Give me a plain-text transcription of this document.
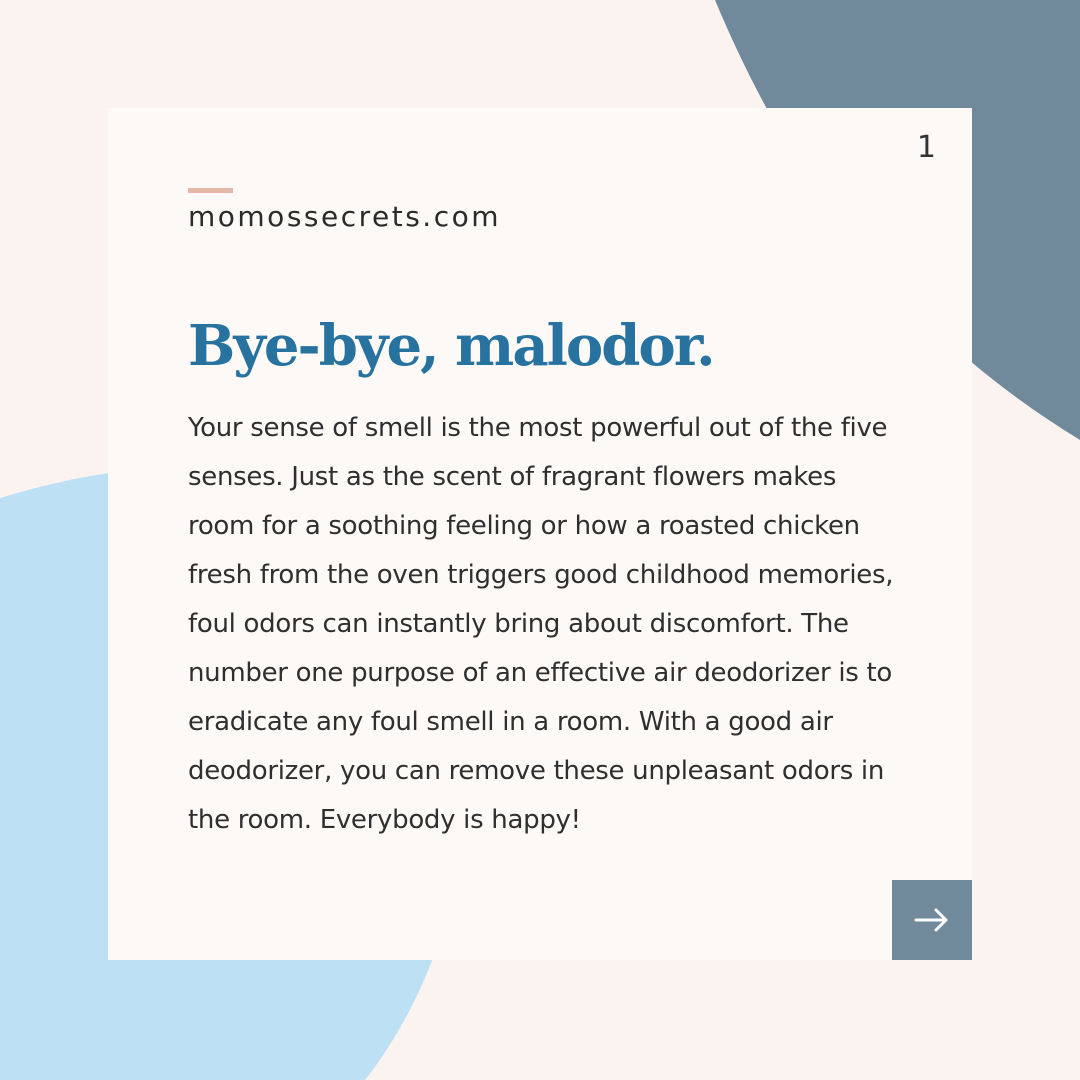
1
momossecrets.com
Bye-bye, malodor.

Your sense of smell is the most powerful out of the five senses. Just as the scent of fragrant flowers makes room for a soothing feeling or how a roasted chicken fresh from the oven triggers good childhood memories, foul odors can instantly bring about discomfort. The number one purpose of an effective air deodorizer is to eradicate any foul smell in a room. With a good air deodorizer, you can remove these unpleasant odors in the room. Everybody is happy!
